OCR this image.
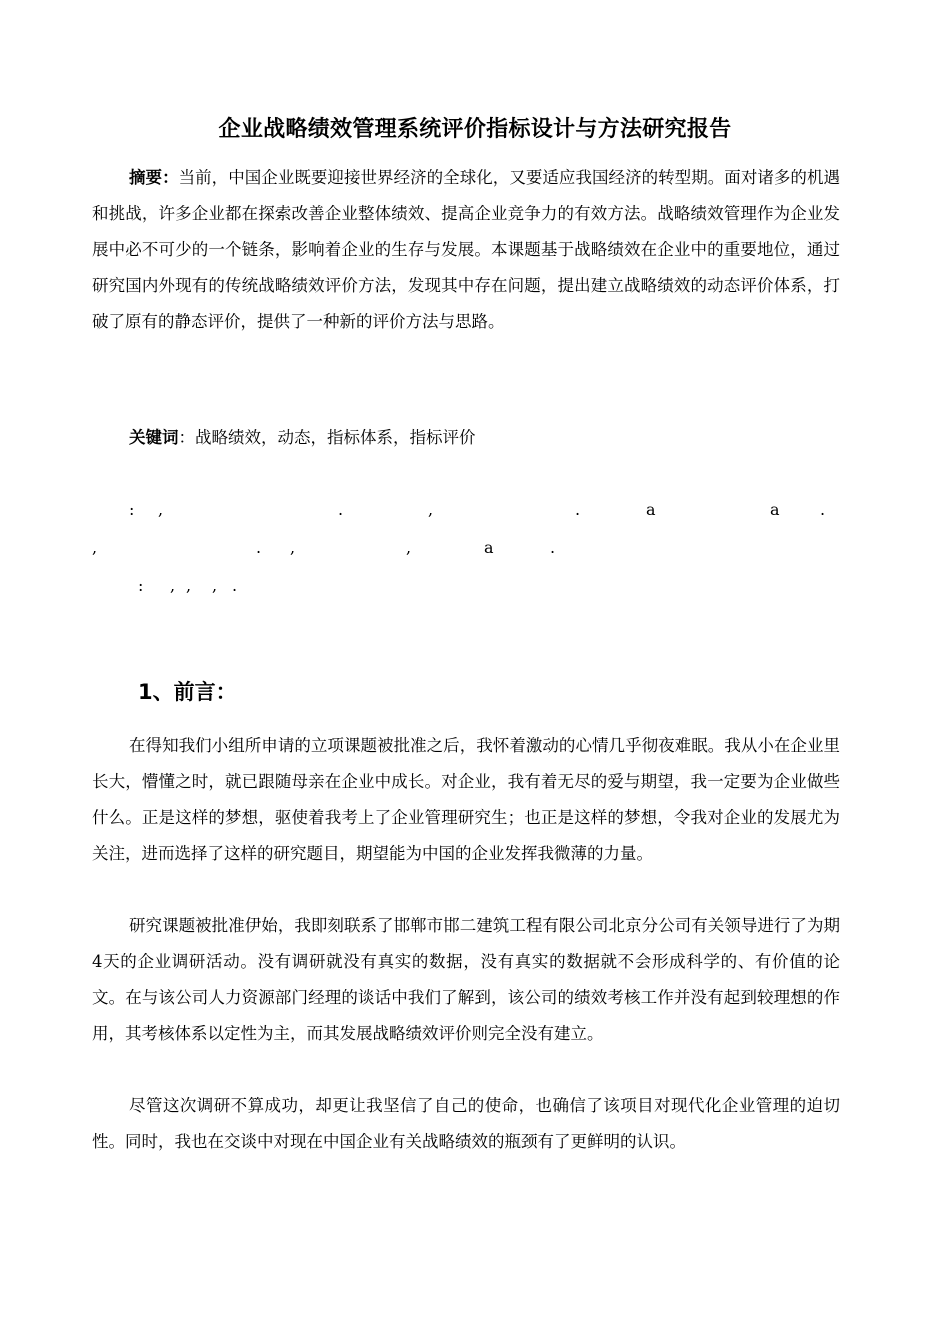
企业战略绩效管理系统评价指标设计与方法研究报告

摘要：当前，中国企业既要迎接世界经济的全球化，又要适应我国经济的转型期。面对诸多的机遇和挑战，许多企业都在探索改善企业整体绩效、提高企业竞争力的有效方法。战略绩效管理作为企业发展中必不可少的一个链条，影响着企业的生存与发展。本课题基于战略绩效在企业中的重要地位，通过研究国内外现有的传统战略绩效评价方法，发现其中存在问题，提出建立战略绩效的动态评价体系，打破了原有的静态评价，提供了一种新的评价方法与思路。

关键词：战略绩效，动态，指标体系，指标评价
: ,	.	,	.	a	a	.
,	. ,	,	a	.
: , , , .
1、前言：

在得知我们小组所申请的立项课题被批准之后，我怀着激动的心情几乎彻夜难眠。我从小在企业里长大，懵懂之时，就已跟随母亲在企业中成长。对企业，我有着无尽的爱与期望，我一定要为企业做些什么。正是这样的梦想，驱使着我考上了企业管理研究生；也正是这样的梦想，令我对企业的发展尤为关注，进而选择了这样的研究题目，期望能为中国的企业发挥我微薄的力量。

研究课题被批准伊始，我即刻联系了邯郸市邯二建筑工程有限公司北京分公司有关领导进行了为期4天的企业调研活动。没有调研就没有真实的数据，没有真实的数据就不会形成科学的、有价值的论文。在与该公司人力资源部门经理的谈话中我们了解到，该公司的绩效考核工作并没有起到较理想的作用，其考核体系以定性为主，而其发展战略绩效评价则完全没有建立。

尽管这次调研不算成功，却更让我坚信了自己的使命，也确信了该项目对现代化企业管理的迫切性。同时，我也在交谈中对现在中国企业有关战略绩效的瓶颈有了更鲜明的认识。
